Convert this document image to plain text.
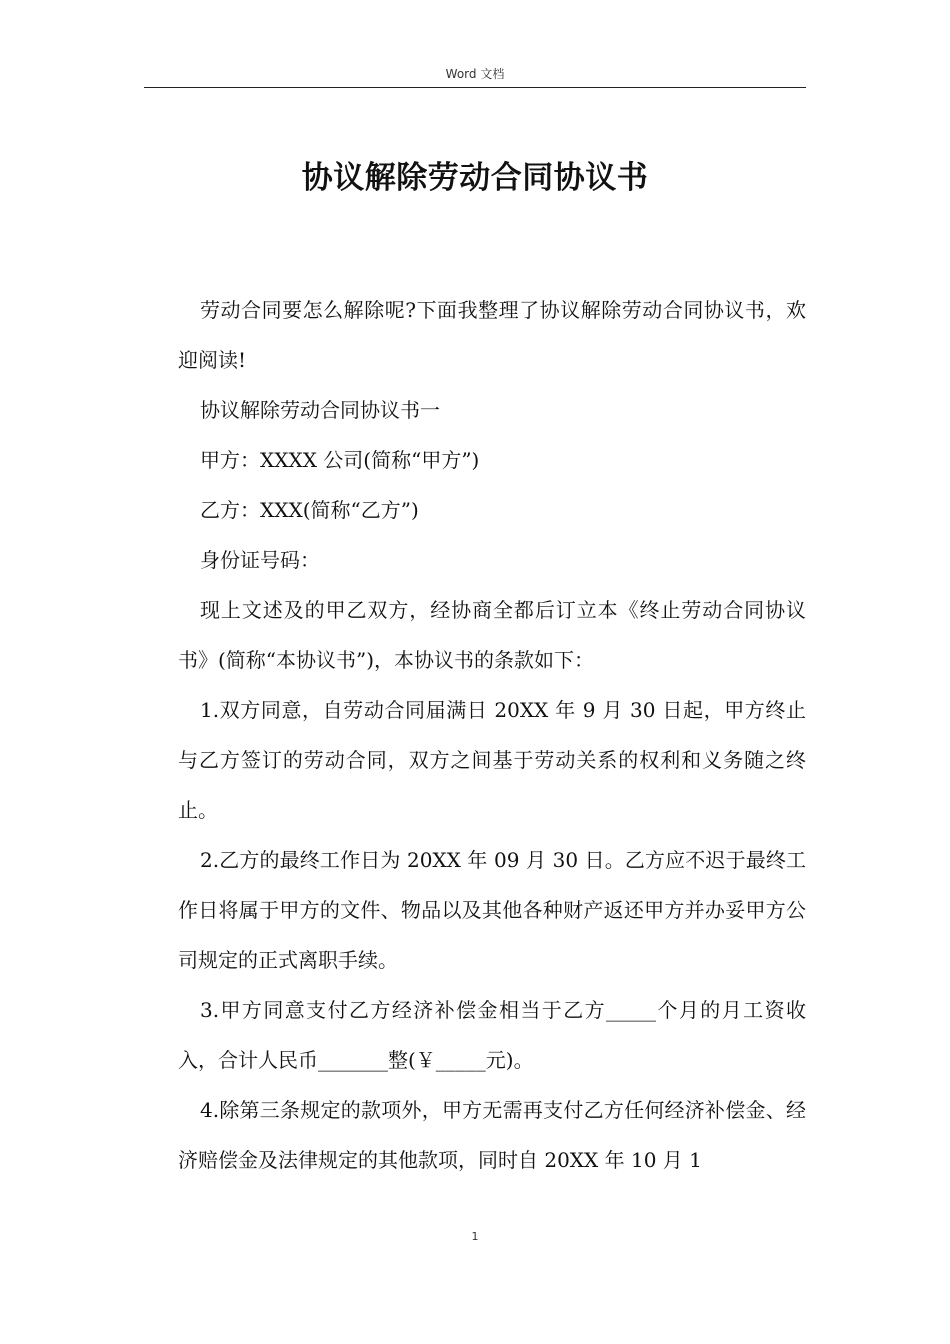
Word 文档
协议解除劳动合同协议书

劳动合同要怎么解除呢?下面我整理了协议解除劳动合同协议书，欢迎阅读!

协议解除劳动合同协议书一

甲方：XXXX 公司(简称“甲方”)

乙方：XXX(简称“乙方”)

身份证号码：

现上文述及的甲乙双方，经协商全都后订立本《终止劳动合同协议书》(简称“本协议书”)，本协议书的条款如下：

1.双方同意，自劳动合同届满日 20XX 年 9 月 30 日起，甲方终止与乙方签订的劳动合同，双方之间基于劳动关系的权利和义务随之终止。

2.乙方的最终工作日为 20XX 年 09 月 30 日。乙方应不迟于最终工作日将属于甲方的文件、物品以及其他各种财产返还甲方并办妥甲方公司规定的正式离职手续。

3.甲方同意支付乙方经济补偿金相当于乙方_____个月的月工资收入，合计人民币_______整(￥_____元)。

4.除第三条规定的款项外，甲方无需再支付乙方任何经济补偿金、经济赔偿金及法律规定的其他款项，同时自 20XX 年 10 月 1

1
